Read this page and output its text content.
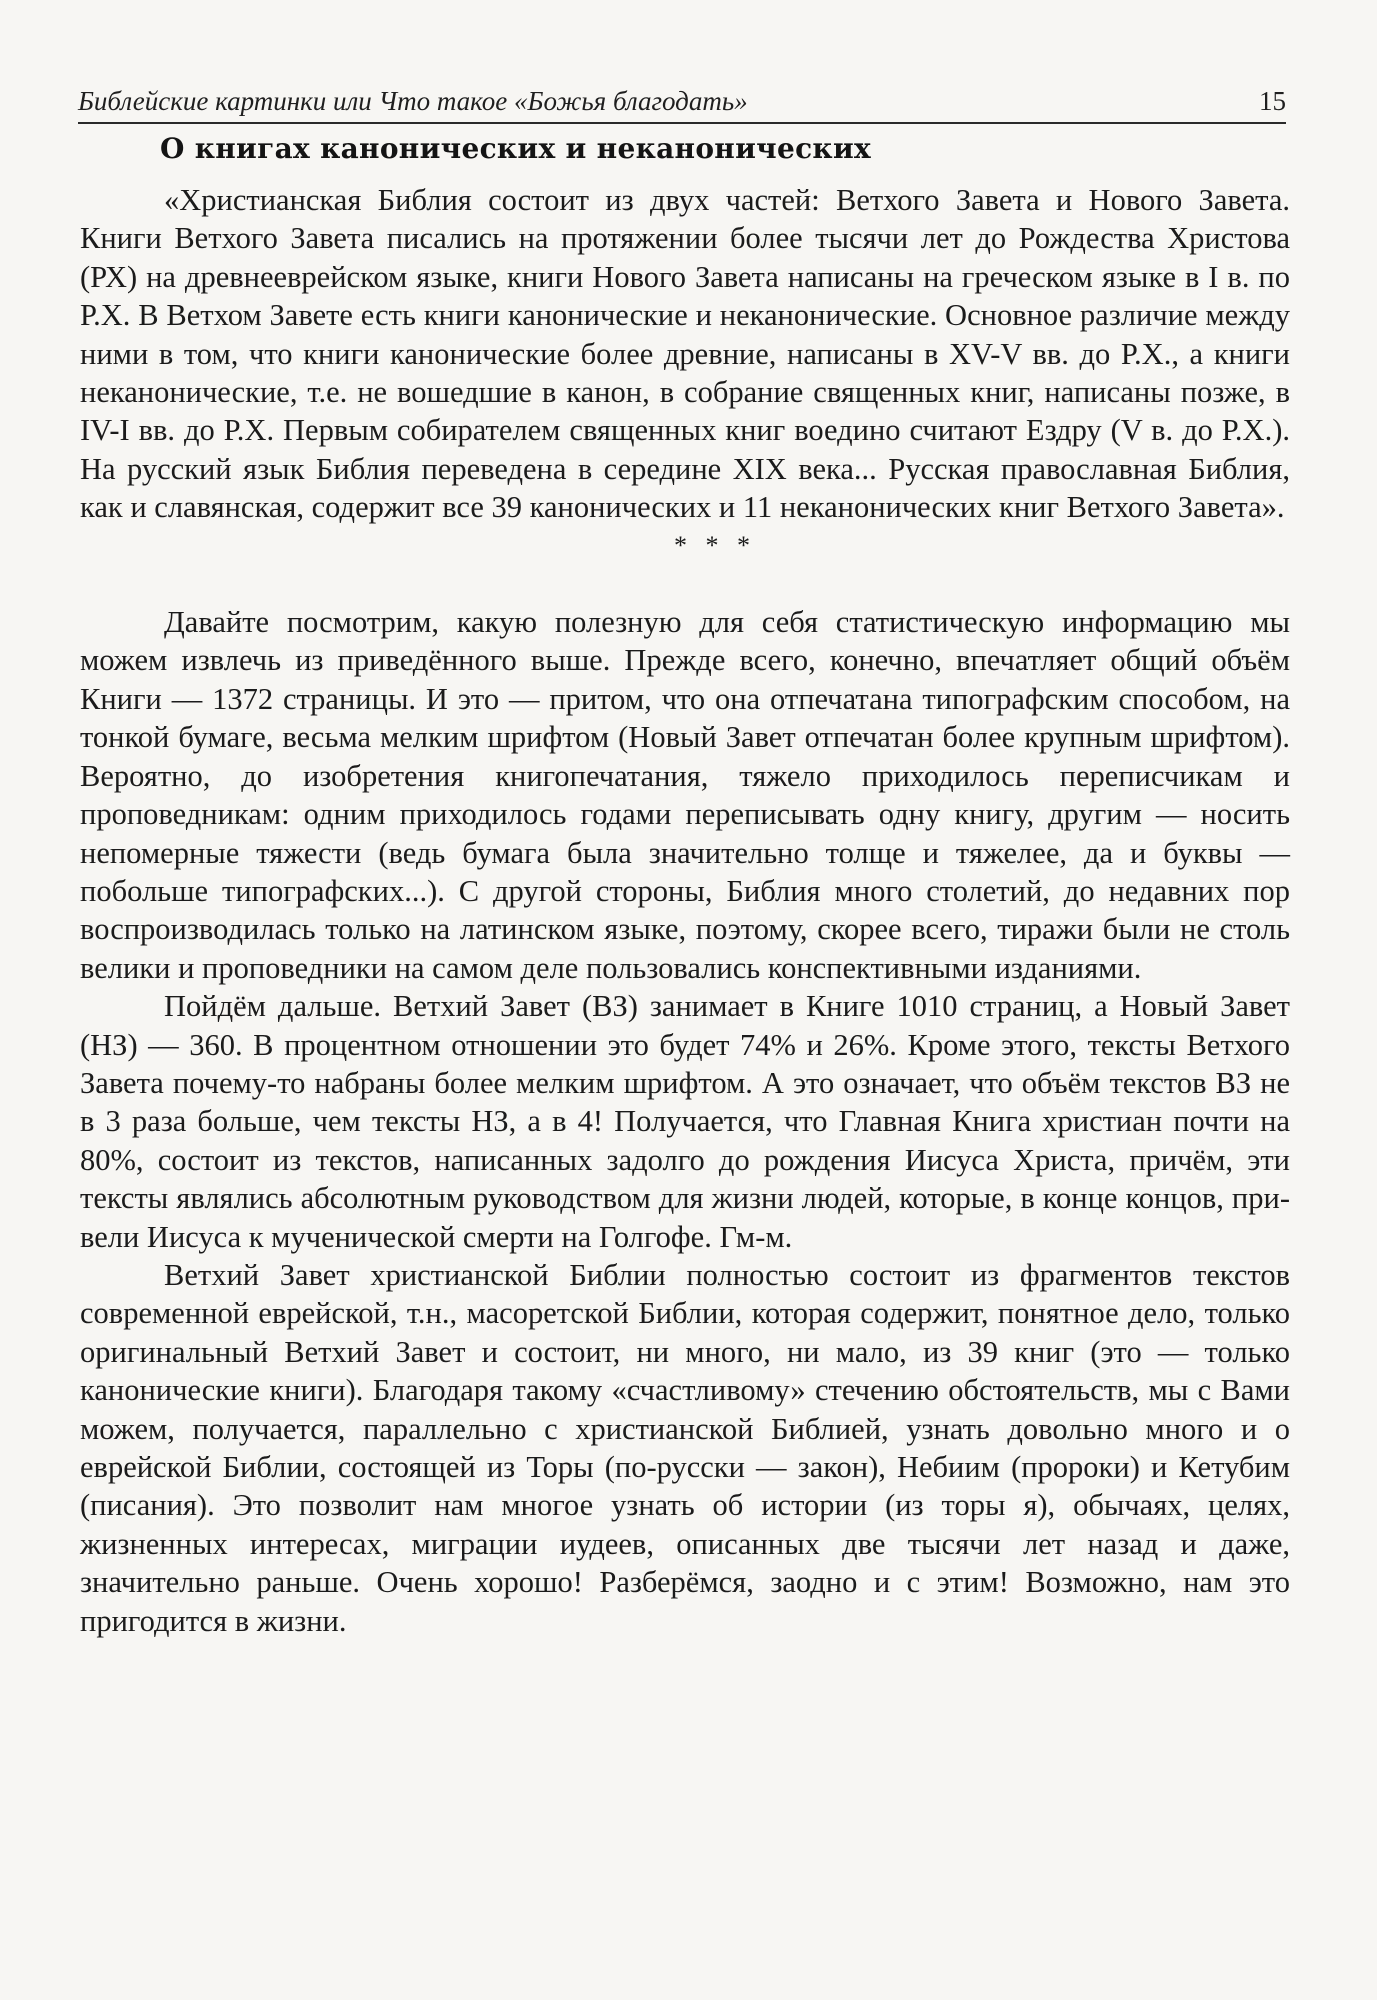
Библейские картинки или Что такое «Божья благодать»	15
О книгах канонических и неканонических

«Христианская Библия состоит из двух частей: Ветхого Завета и Нового Завета. Книги Ветхого Завета писались на протяжении более тысячи лет до Рождества Христова (РХ) на древнееврейском языке, книги Нового Завета написаны на греческом языке в I в. по Р.Х. В Ветхом Завете есть книги канонические и неканонические. Основное различие между ними в том, что книги канонические более древние, написаны в XV-V вв. до Р.Х., а книги неканонические, т.е. не вошедшие в канон, в собрание священных книг, написаны позже, в IV-I вв. до Р.Х. Первым собирателем священных книг воедино считают Ездру (V в. до Р.Х.). На русский язык Библия переведена в середине XIX века... Русская православная Библия, как и славянская, содержит все 39 канонических и 11 неканонических книг Ветхого Завета».

* * *

Давайте посмотрим, какую полезную для себя статистическую информацию мы можем извлечь из приведённого выше. Прежде всего, конечно, впечатляет общий объём Книги — 1372 страницы. И это — притом, что она отпечатана типографским способом, на тонкой бумаге, весьма мелким шрифтом (Новый Завет отпечатан более крупным шрифтом). Вероятно, до изобретения книгопечатания, тяжело приходилось переписчикам и проповедникам: одним приходилось годами переписывать одну книгу, другим — носить непомерные тяжести (ведь бумага была значительно толще и тяжелее, да и буквы — побольше типографских...). С другой стороны, Библия много столетий, до недавних пор воспроизводилась только на латинском языке, поэтому, скорее всего, тиражи были не столь велики и проповедники на самом деле пользовались конспективными изданиями.

Пойдём дальше. Ветхий Завет (ВЗ) занимает в Книге 1010 страниц, а Новый Завет (НЗ) — 360. В процентном отношении это будет 74% и 26%. Кроме этого, тексты Ветхого Завета почему-то набраны более мелким шрифтом. А это означает, что объём текстов ВЗ не в 3 раза больше, чем тексты НЗ, а в 4! Получается, что Главная Книга христиан почти на 80%, состоит из текстов, написанных задолго до рождения Иисуса Христа, причём, эти тексты являлись абсолютным руководством для жизни людей, которые, в конце концов, привели Иисуса к мученической смерти на Голгофе. Гм-м.

Ветхий Завет христианской Библии полностью состоит из фрагментов текстов современной еврейской, т.н., масоретской Библии, которая содержит, понятное дело, только оригинальный Ветхий Завет и состоит, ни много, ни мало, из 39 книг (это — только канонические книги). Благодаря такому «счастливому» стечению обстоятельств, мы с Вами можем, получается, параллельно с христианской Библией, узнать довольно много и о еврейской Библии, состоящей из Торы (по-русски — закон), Небиим (пророки) и Кетубим (писания). Это позволит нам многое узнать об истории (из торы я), обычаях, целях, жизненных интересах, миграции иудеев, описанных две тысячи лет назад и даже, значительно раньше. Очень хорошо! Разберёмся, заодно и с этим! Возможно, нам это пригодится в жизни.
